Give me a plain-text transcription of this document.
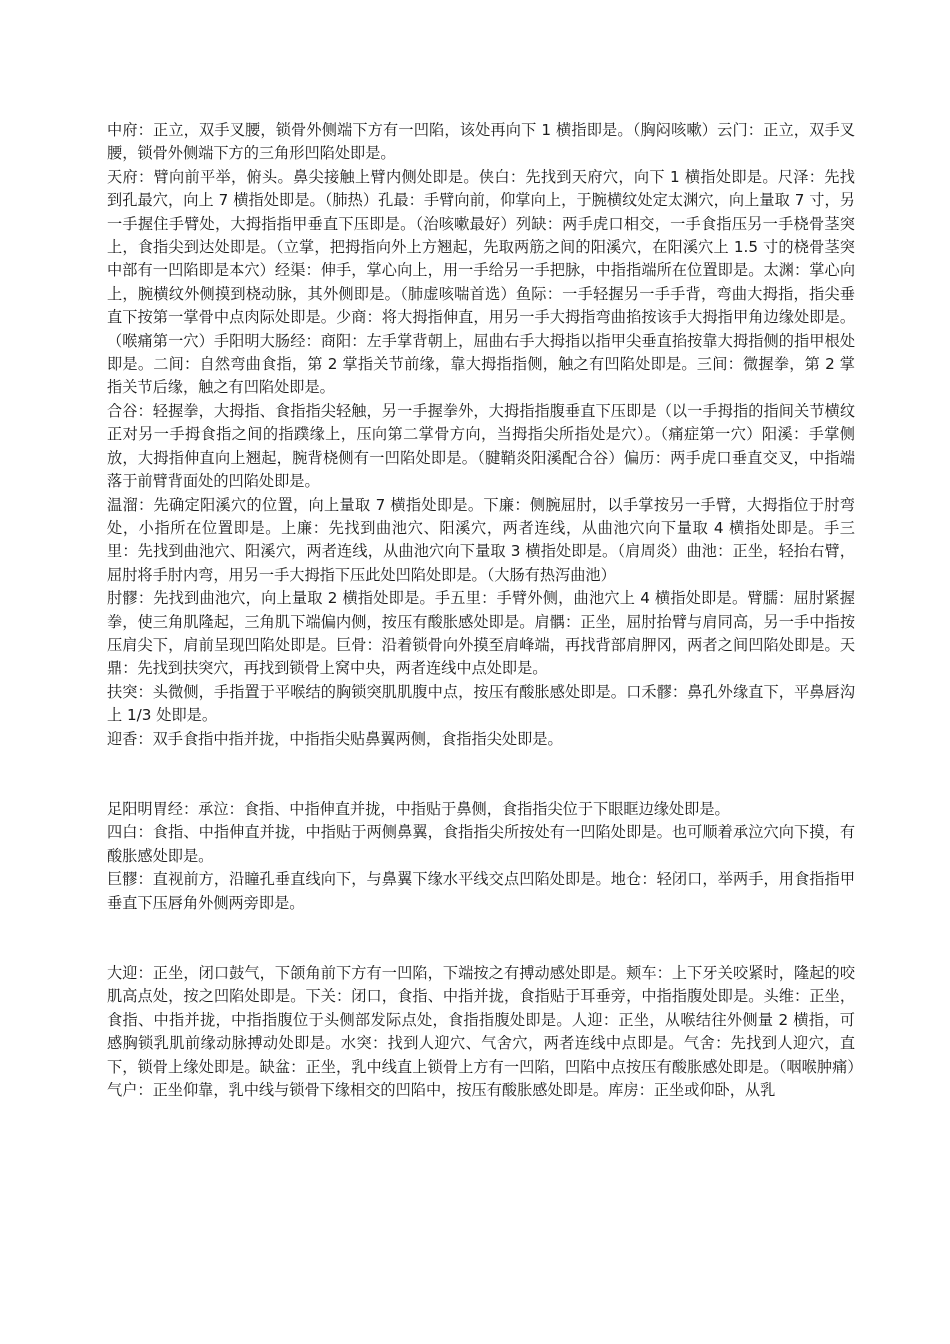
中府：正立，双手叉腰，锁骨外侧端下方有一凹陷，该处再向下 1 横指即是。（胸闷咳嗽）云门：正立，双手叉腰，锁骨外侧端下方的三角形凹陷处即是。

天府：臂向前平举，俯头。鼻尖接触上臂内侧处即是。侠白：先找到天府穴，向下 1 横指处即是。尺泽：先找到孔最穴，向上 7 横指处即是。（肺热）孔最：手臂向前，仰掌向上，于腕横纹处定太渊穴，向上量取 7 寸，另一手握住手臂处，大拇指指甲垂直下压即是。（治咳嗽最好）列缺：两手虎口相交，一手食指压另一手桡骨茎突上，食指尖到达处即是。（立掌，把拇指向外上方翘起，先取两筋之间的阳溪穴，在阳溪穴上 1.5 寸的桡骨茎突中部有一凹陷即是本穴）经渠：伸手，掌心向上，用一手给另一手把脉，中指指端所在位置即是。太渊：掌心向上，腕横纹外侧摸到桡动脉，其外侧即是。（肺虚咳喘首选）鱼际：一手轻握另一手手背，弯曲大拇指，指尖垂直下按第一掌骨中点肉际处即是。少商：将大拇指伸直，用另一手大拇指弯曲掐按该手大拇指甲角边缘处即是。（喉痛第一穴）手阳明大肠经：商阳：左手掌背朝上，屈曲右手大拇指以指甲尖垂直掐按靠大拇指侧的指甲根处即是。二间：自然弯曲食指，第 2 掌指关节前缘，靠大拇指指侧，触之有凹陷处即是。三间：微握拳，第 2 掌指关节后缘，触之有凹陷处即是。

合谷：轻握拳，大拇指、食指指尖轻触，另一手握拳外，大拇指指腹垂直下压即是（以一手拇指的指间关节横纹正对另一手拇食指之间的指蹼缘上，压向第二掌骨方向，当拇指尖所指处是穴）。（痛症第一穴）阳溪：手掌侧放，大拇指伸直向上翘起，腕背桡侧有一凹陷处即是。（腱鞘炎阳溪配合谷）偏历：两手虎口垂直交叉，中指端落于前臂背面处的凹陷处即是。

温溜：先确定阳溪穴的位置，向上量取 7 横指处即是。下廉：侧腕屈肘，以手掌按另一手臂，大拇指位于肘弯处，小指所在位置即是。上廉：先找到曲池穴、阳溪穴，两者连线，从曲池穴向下量取 4 横指处即是。手三里：先找到曲池穴、阳溪穴，两者连线，从曲池穴向下量取 3 横指处即是。（肩周炎）曲池：正坐，轻抬右臂，屈肘将手肘内弯，用另一手大拇指下压此处凹陷处即是。（大肠有热泻曲池）

肘髎：先找到曲池穴，向上量取 2 横指处即是。手五里：手臂外侧，曲池穴上 4 横指处即是。臂臑：屈肘紧握拳，使三角肌隆起，三角肌下端偏内侧，按压有酸胀感处即是。肩髃：正坐，屈肘抬臂与肩同高，另一手中指按压肩尖下，肩前呈现凹陷处即是。巨骨：沿着锁骨向外摸至肩峰端，再找背部肩胛冈，两者之间凹陷处即是。天鼎：先找到扶突穴，再找到锁骨上窝中央，两者连线中点处即是。

扶突：头微侧，手指置于平喉结的胸锁突肌肌腹中点，按压有酸胀感处即是。口禾髎：鼻孔外缘直下，平鼻唇沟上 1/3 处即是。

迎香：双手食指中指并拢，中指指尖贴鼻翼两侧，食指指尖处即是。

足阳明胃经：承泣：食指、中指伸直并拢，中指贴于鼻侧，食指指尖位于下眼眶边缘处即是。

四白：食指、中指伸直并拢，中指贴于两侧鼻翼，食指指尖所按处有一凹陷处即是。也可顺着承泣穴向下摸，有酸胀感处即是。

巨髎：直视前方，沿瞳孔垂直线向下，与鼻翼下缘水平线交点凹陷处即是。地仓：轻闭口，举两手，用食指指甲垂直下压唇角外侧两旁即是。

大迎：正坐，闭口鼓气，下颌角前下方有一凹陷，下端按之有搏动感处即是。颊车：上下牙关咬紧时，隆起的咬肌高点处，按之凹陷处即是。下关：闭口，食指、中指并拢，食指贴于耳垂旁，中指指腹处即是。头维：正坐，食指、中指并拢，中指指腹位于头侧部发际点处，食指指腹处即是。人迎：正坐，从喉结往外侧量 2 横指，可感胸锁乳肌前缘动脉搏动处即是。水突：找到人迎穴、气舍穴，两者连线中点即是。气舍：先找到人迎穴，直下，锁骨上缘处即是。缺盆：正坐，乳中线直上锁骨上方有一凹陷，凹陷中点按压有酸胀感处即是。（咽喉肿痛）气户：正坐仰靠，乳中线与锁骨下缘相交的凹陷中，按压有酸胀感处即是。库房：正坐或仰卧，从乳
